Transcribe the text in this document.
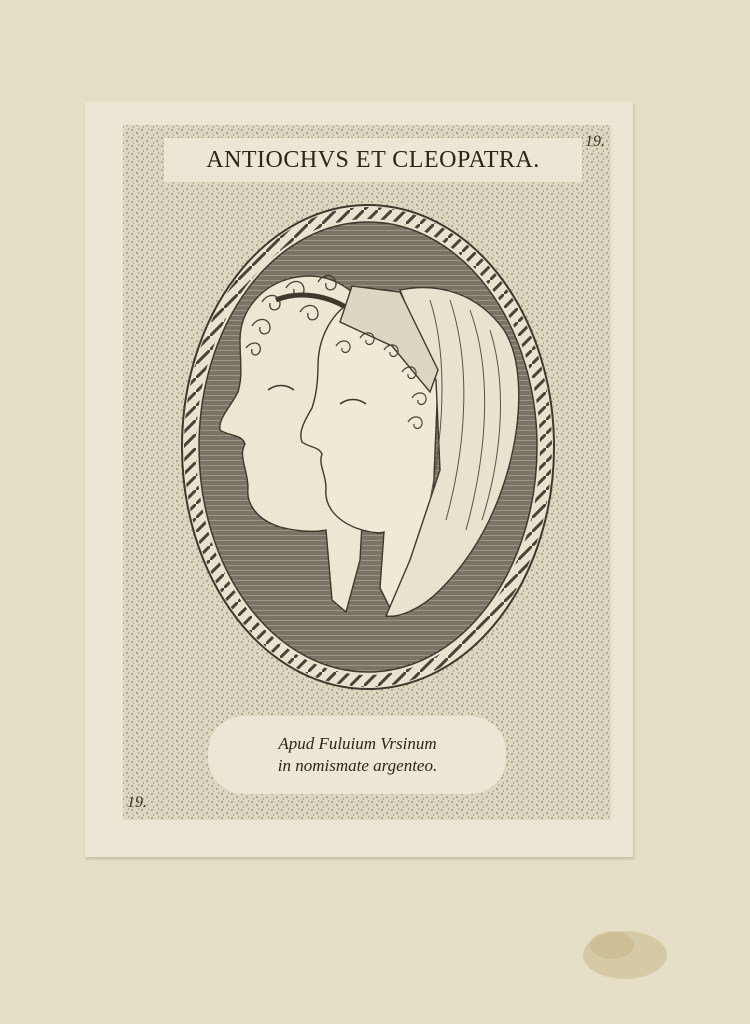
ANTIOCHVS ET CLEOPATRA.
19.
19.
Apud Fuluium Vrsinum
in nomismate argenteo.
